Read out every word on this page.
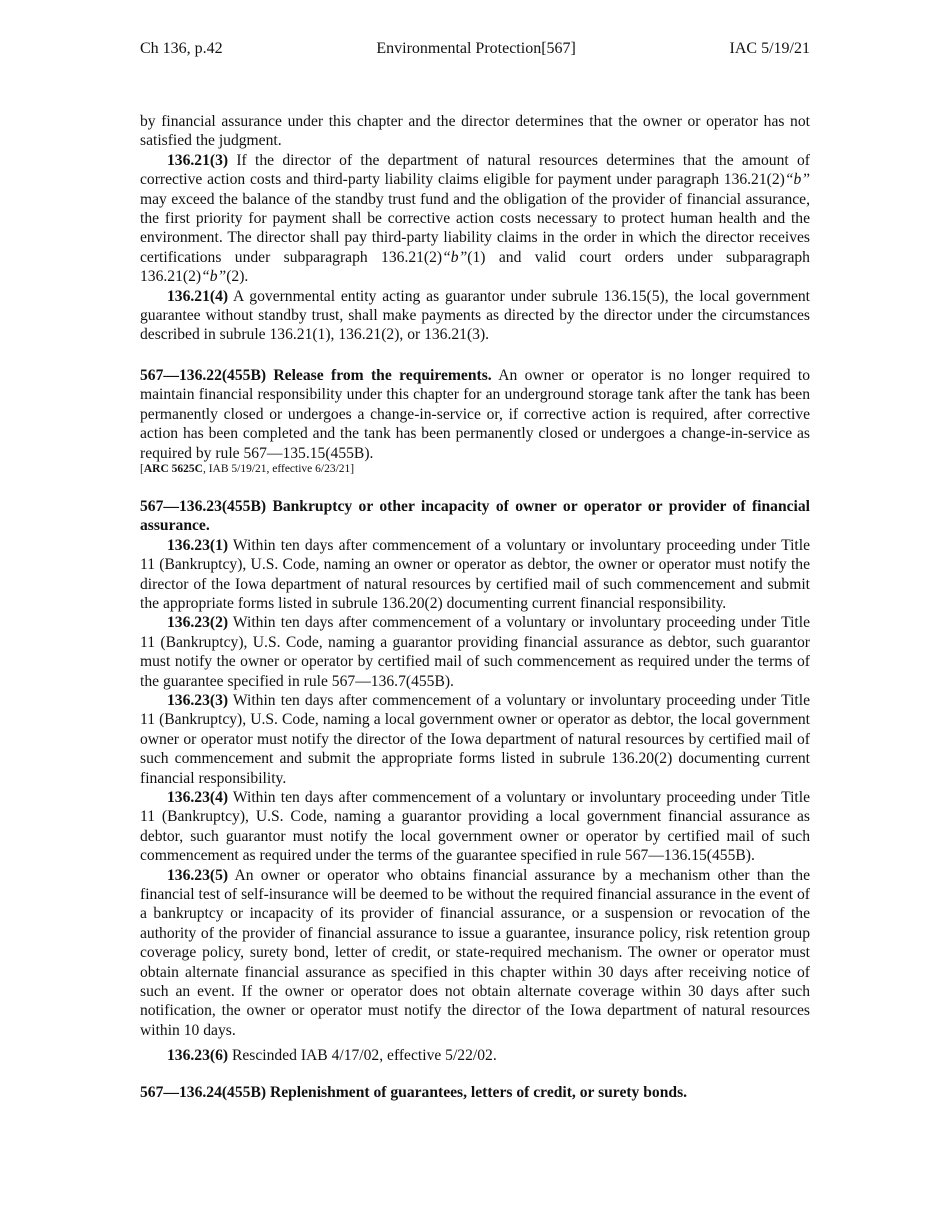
Ch 136, p.42	Environmental Protection[567]	IAC 5/19/21

by financial assurance under this chapter and the director determines that the owner or operator has not satisfied the judgment.

136.21(3) If the director of the department of natural resources determines that the amount of corrective action costs and third-party liability claims eligible for payment under paragraph 136.21(2)“b” may exceed the balance of the standby trust fund and the obligation of the provider of financial assurance, the first priority for payment shall be corrective action costs necessary to protect human health and the environment. The director shall pay third-party liability claims in the order in which the director receives certifications under subparagraph 136.21(2)“b”(1) and valid court orders under subparagraph 136.21(2)“b”(2).

136.21(4) A governmental entity acting as guarantor under subrule 136.15(5), the local government guarantee without standby trust, shall make payments as directed by the director under the circumstances described in subrule 136.21(1), 136.21(2), or 136.21(3).

567—136.22(455B) Release from the requirements. An owner or operator is no longer required to maintain financial responsibility under this chapter for an underground storage tank after the tank has been permanently closed or undergoes a change-in-service or, if corrective action is required, after corrective action has been completed and the tank has been permanently closed or undergoes a change-in-service as required by rule 567—135.15(455B).

[ARC 5625C, IAB 5/19/21, effective 6/23/21]

567—136.23(455B) Bankruptcy or other incapacity of owner or operator or provider of financial assurance.

136.23(1) Within ten days after commencement of a voluntary or involuntary proceeding under Title 11 (Bankruptcy), U.S. Code, naming an owner or operator as debtor, the owner or operator must notify the director of the Iowa department of natural resources by certified mail of such commencement and submit the appropriate forms listed in subrule 136.20(2) documenting current financial responsibility.

136.23(2) Within ten days after commencement of a voluntary or involuntary proceeding under Title 11 (Bankruptcy), U.S. Code, naming a guarantor providing financial assurance as debtor, such guarantor must notify the owner or operator by certified mail of such commencement as required under the terms of the guarantee specified in rule 567—136.7(455B).

136.23(3) Within ten days after commencement of a voluntary or involuntary proceeding under Title 11 (Bankruptcy), U.S. Code, naming a local government owner or operator as debtor, the local government owner or operator must notify the director of the Iowa department of natural resources by certified mail of such commencement and submit the appropriate forms listed in subrule 136.20(2) documenting current financial responsibility.

136.23(4) Within ten days after commencement of a voluntary or involuntary proceeding under Title 11 (Bankruptcy), U.S. Code, naming a guarantor providing a local government financial assurance as debtor, such guarantor must notify the local government owner or operator by certified mail of such commencement as required under the terms of the guarantee specified in rule 567—136.15(455B).

136.23(5) An owner or operator who obtains financial assurance by a mechanism other than the financial test of self-insurance will be deemed to be without the required financial assurance in the event of a bankruptcy or incapacity of its provider of financial assurance, or a suspension or revocation of the authority of the provider of financial assurance to issue a guarantee, insurance policy, risk retention group coverage policy, surety bond, letter of credit, or state-required mechanism. The owner or operator must obtain alternate financial assurance as specified in this chapter within 30 days after receiving notice of such an event. If the owner or operator does not obtain alternate coverage within 30 days after such notification, the owner or operator must notify the director of the Iowa department of natural resources within 10 days.

136.23(6) Rescinded IAB 4/17/02, effective 5/22/02.

567—136.24(455B) Replenishment of guarantees, letters of credit, or surety bonds.
